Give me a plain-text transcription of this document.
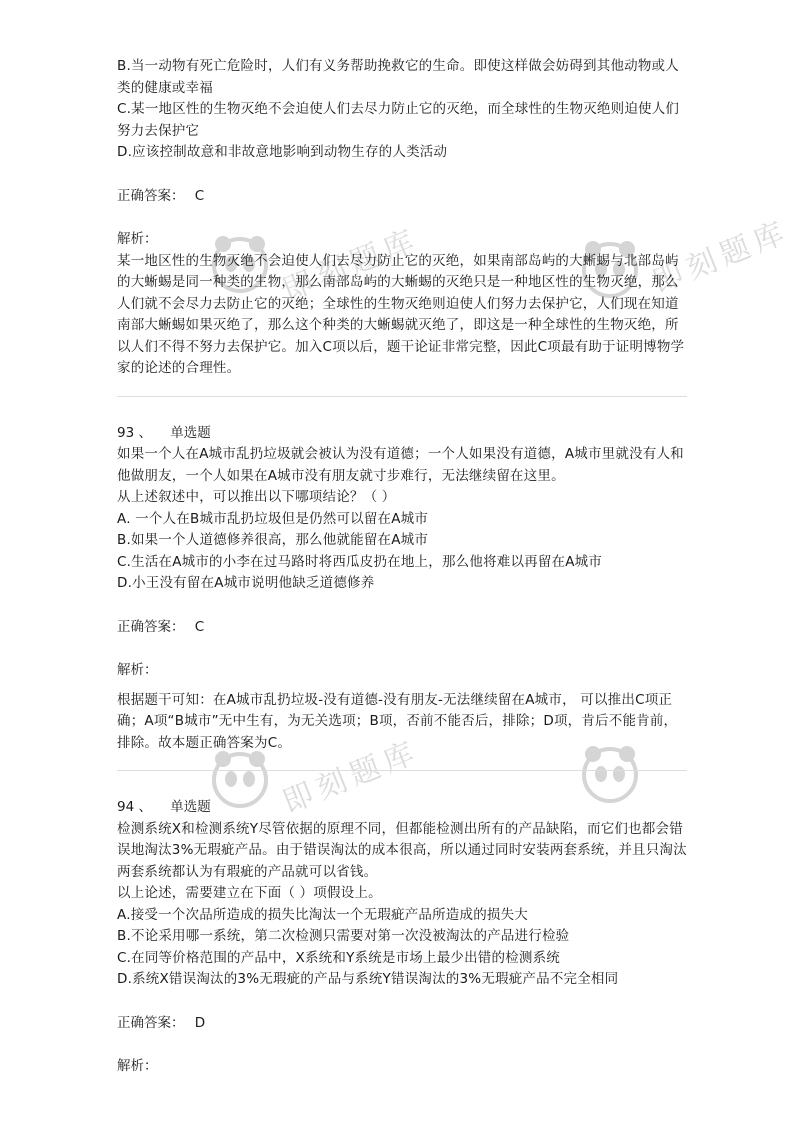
即刻题库	即刻题库
即刻题库

B.当一动物有死亡危险时，人们有义务帮助挽救它的生命。即使这样做会妨碍到其他动物或人类的健康或幸福

C.某一地区性的生物灭绝不会迫使人们去尽力防止它的灭绝，而全球性的生物灭绝则迫使人们努力去保护它

D.应该控制故意和非故意地影响到动物生存的人类活动

正确答案： C

解析：

某一地区性的生物灭绝不会迫使人们去尽力防止它的灭绝，如果南部岛屿的大蜥蜴与北部岛屿的大蜥蜴是同一种类的生物，那么南部岛屿的大蜥蜴的灭绝只是一种地区性的生物灭绝，那么人们就不会尽力去防止它的灭绝；全球性的生物灭绝则迫使人们努力去保护它，人们现在知道南部大蜥蜴如果灭绝了，那么这个种类的大蜥蜴就灭绝了，即这是一种全球性的生物灭绝，所以人们不得不努力去保护它。加入C项以后，题干论证非常完整，因此C项最有助于证明博物学家的论述的合理性。

93 、 单选题

如果一个人在A城市乱扔垃圾就会被认为没有道德；一个人如果没有道德，A城市里就没有人和他做朋友，一个人如果在A城市没有朋友就寸步难行，无法继续留在这里。

从上述叙述中，可以推出以下哪项结论？（ ）

A. 一个人在B城市乱扔垃圾但是仍然可以留在A城市

B.如果一个人道德修养很高，那么他就能留在A城市

C.生活在A城市的小李在过马路时将西瓜皮扔在地上，那么他将难以再留在A城市

D.小王没有留在A城市说明他缺乏道德修养

正确答案： C

解析：

根据题干可知：在A城市乱扔垃圾-没有道德-没有朋友-无法继续留在A城市， 可以推出C项正确；A项“B城市”无中生有，为无关选项；B项，否前不能否后，排除；D项，肯后不能肯前，排除。故本题正确答案为C。

94 、 单选题

检测系统X和检测系统Y尽管依据的原理不同，但都能检测出所有的产品缺陷，而它们也都会错误地淘汰3%无瑕疵产品。由于错误淘汰的成本很高，所以通过同时安装两套系统，并且只淘汰两套系统都认为有瑕疵的产品就可以省钱。

以上论述，需要建立在下面（ ）项假设上。

A.接受一个次品所造成的损失比淘汰一个无瑕疵产品所造成的损失大

B.不论采用哪一系统，第二次检测只需要对第一次没被淘汰的产品进行检验

C.在同等价格范围的产品中，X系统和Y系统是市场上最少出错的检测系统

D.系统X错误淘汰的3%无瑕疵的产品与系统Y错误淘汰的3%无瑕疵产品不完全相同

正确答案： D

解析：
